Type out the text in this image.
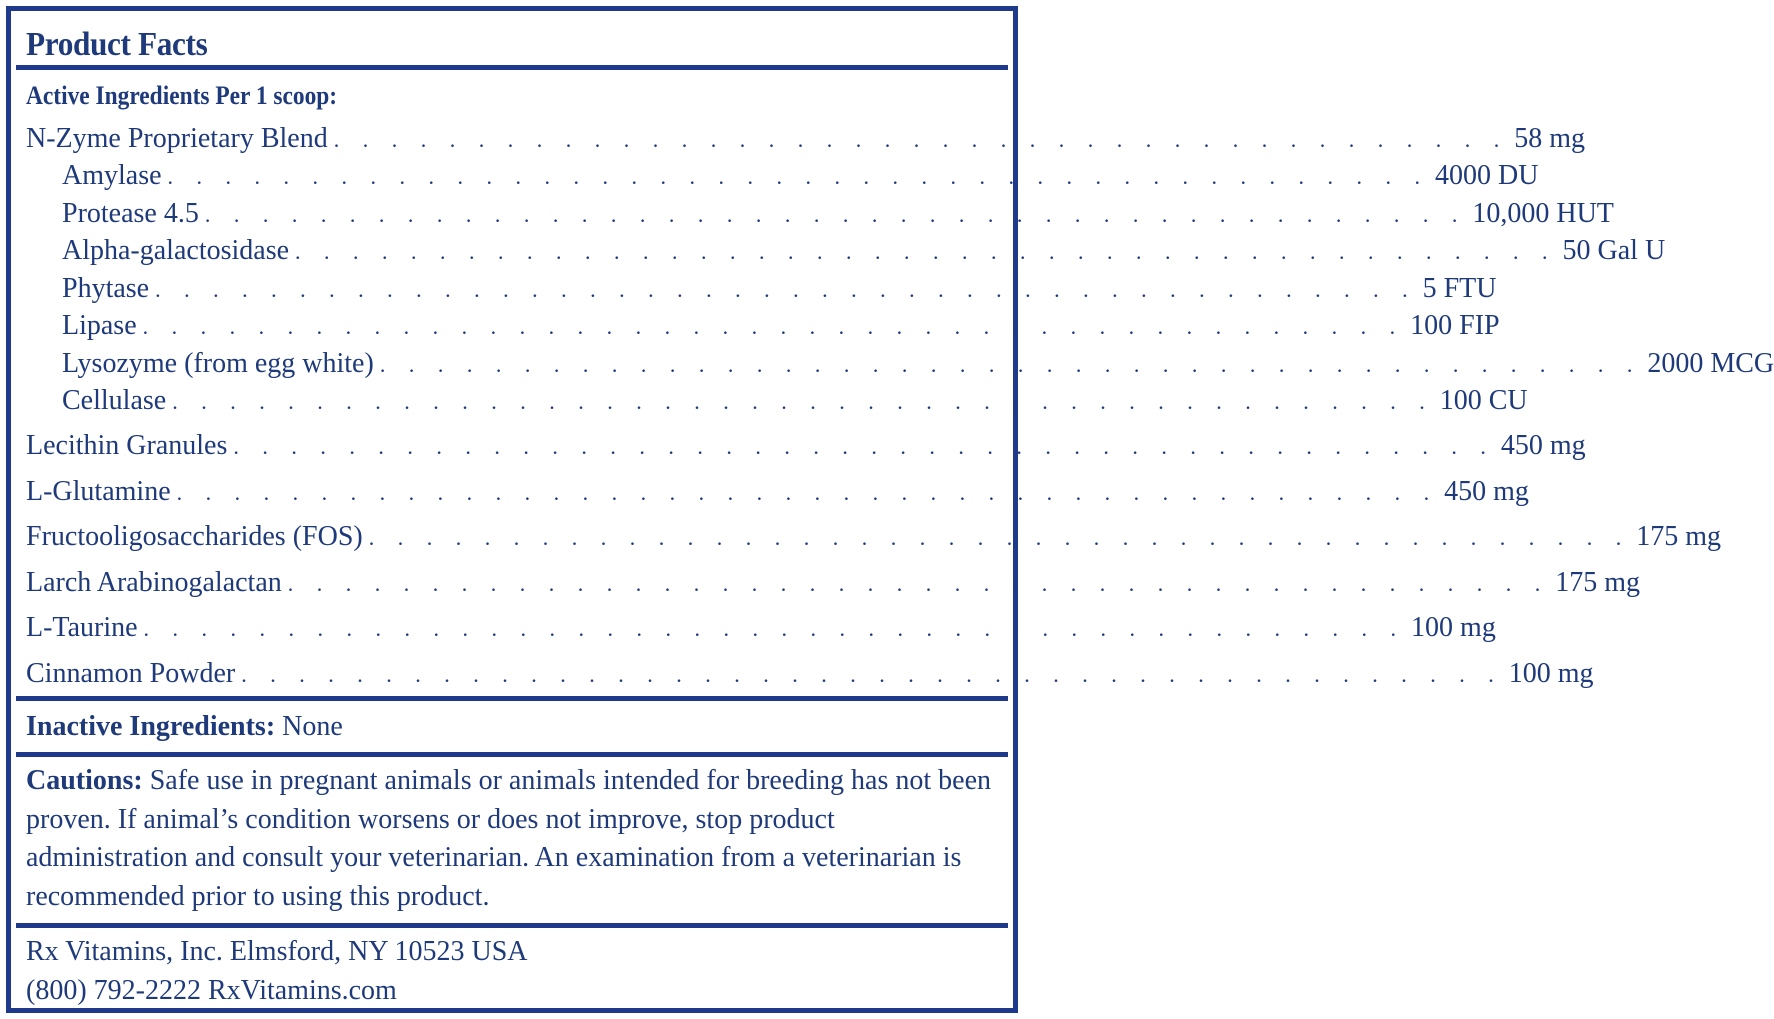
Product Facts
Active Ingredients Per 1 scoop:
N-Zyme Proprietary Blend . . . . . . . . . . . . . . . . . . . . . . . . . . . . . . . . . . . . . . . . . 58 mg
Amylase . . . . . . . . . . . . . . . . . . . . . . . . . . . . . . . . . . . . . . . . . . . . 4000 DU
Protease 4.5 . . . . . . . . . . . . . . . . . . . . . . . . . . . . . . . . . . . . . . . . . . . . 10,000 HUT
Alpha-galactosidase . . . . . . . . . . . . . . . . . . . . . . . . . . . . . . . . . . . . . . . . . . . . 50 Gal U
Phytase . . . . . . . . . . . . . . . . . . . . . . . . . . . . . . . . . . . . . . . . . . . . 5 FTU
Lipase . . . . . . . . . . . . . . . . . . . . . . . . . . . . . . . . . . . . . . . . . . . . 100 FIP
Lysozyme (from egg white) . . . . . . . . . . . . . . . . . . . . . . . . . . . . . . . . . . . . . . . . . . . . 2000 MCG
Cellulase . . . . . . . . . . . . . . . . . . . . . . . . . . . . . . . . . . . . . . . . . . . . 100 CU
Lecithin Granules . . . . . . . . . . . . . . . . . . . . . . . . . . . . . . . . . . . . . . . . . . . . 450 mg
L-Glutamine . . . . . . . . . . . . . . . . . . . . . . . . . . . . . . . . . . . . . . . . . . . . 450 mg
Fructooligosaccharides (FOS) . . . . . . . . . . . . . . . . . . . . . . . . . . . . . . . . . . . . . . . . . . . . 175 mg
Larch Arabinogalactan . . . . . . . . . . . . . . . . . . . . . . . . . . . . . . . . . . . . . . . . . . . . 175 mg
L-Taurine . . . . . . . . . . . . . . . . . . . . . . . . . . . . . . . . . . . . . . . . . . . . 100 mg
Cinnamon Powder . . . . . . . . . . . . . . . . . . . . . . . . . . . . . . . . . . . . . . . . . . . . 100 mg
Inactive Ingredients: None
Cautions: Safe use in pregnant animals or animals intended for breeding has not been proven. If animal’s condition worsens or does not improve, stop product administration and consult your veterinarian. An examination from a veterinarian is recommended prior to using this product.
Rx Vitamins, Inc. Elmsford, NY 10523 USA
(800) 792-2222 RxVitamins.com
